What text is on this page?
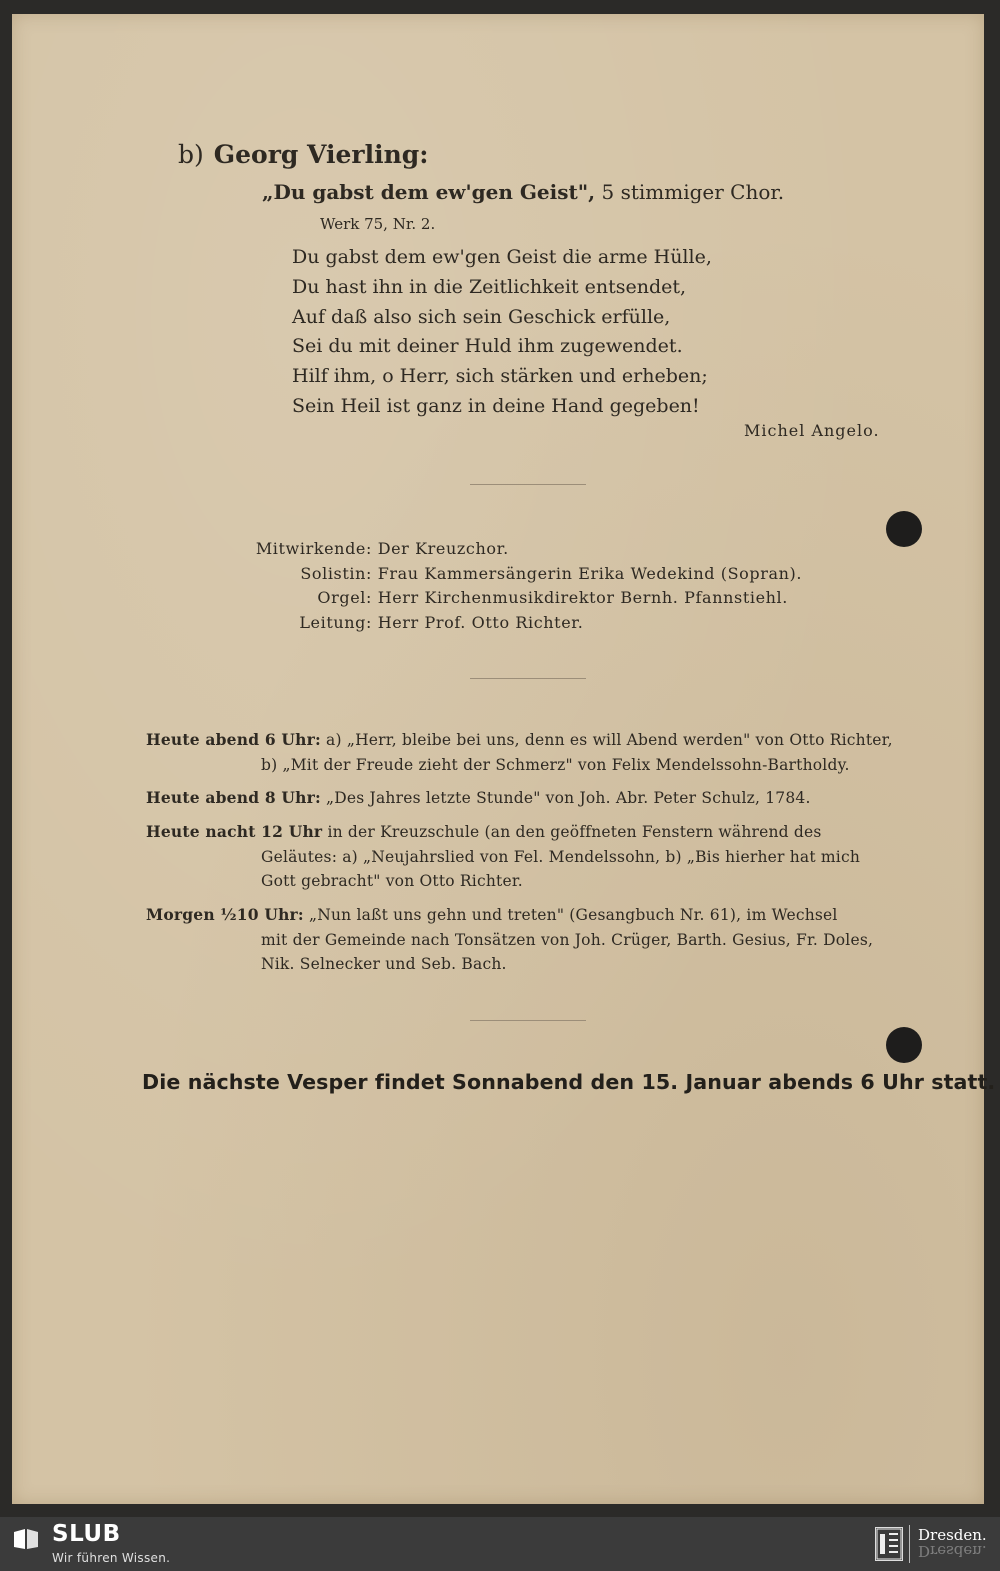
b) Georg Vierling:
„Du gabst dem ew'gen Geist", 5 stimmiger Chor.
Werk 75, Nr. 2.
Du gabst dem ew'gen Geist die arme Hülle,
Du hast ihn in die Zeitlichkeit entsendet,
Auf daß also sich sein Geschick erfülle,
Sei du mit deiner Huld ihm zugewendet.
Hilf ihm, o Herr, sich stärken und erheben;
Sein Heil ist ganz in deine Hand gegeben!
Michel Angelo.
Mitwirkende: Der Kreuzchor.
Solistin: Frau Kammersängerin Erika Wedekind (Sopran).
Orgel: Herr Kirchenmusikdirektor Bernh. Pfannstiehl.
Leitung: Herr Prof. Otto Richter.
Heute abend 6 Uhr: a) „Herr, bleibe bei uns, denn es will Abend werden" von Otto Richter,
b) „Mit der Freude zieht der Schmerz" von Felix Mendelssohn-Bartholdy.
Heute abend 8 Uhr: „Des Jahres letzte Stunde" von Joh. Abr. Peter Schulz, 1784.
Heute nacht 12 Uhr in der Kreuzschule (an den geöffneten Fenstern während des
Geläutes: a) „Neujahrslied von Fel. Mendelssohn, b) „Bis hierher hat mich
Gott gebracht" von Otto Richter.
Morgen ½10 Uhr: „Nun laßt uns gehn und treten" (Gesangbuch Nr. 61), im Wechsel
mit der Gemeinde nach Tonsätzen von Joh. Crüger, Barth. Gesius, Fr. Doles,
Nik. Selnecker und Seb. Bach.
Die nächste Vesper findet Sonnabend den 15. Januar abends 6 Uhr statt.
SLUB
Wir führen Wissen.
Dresden.
Dresden.
